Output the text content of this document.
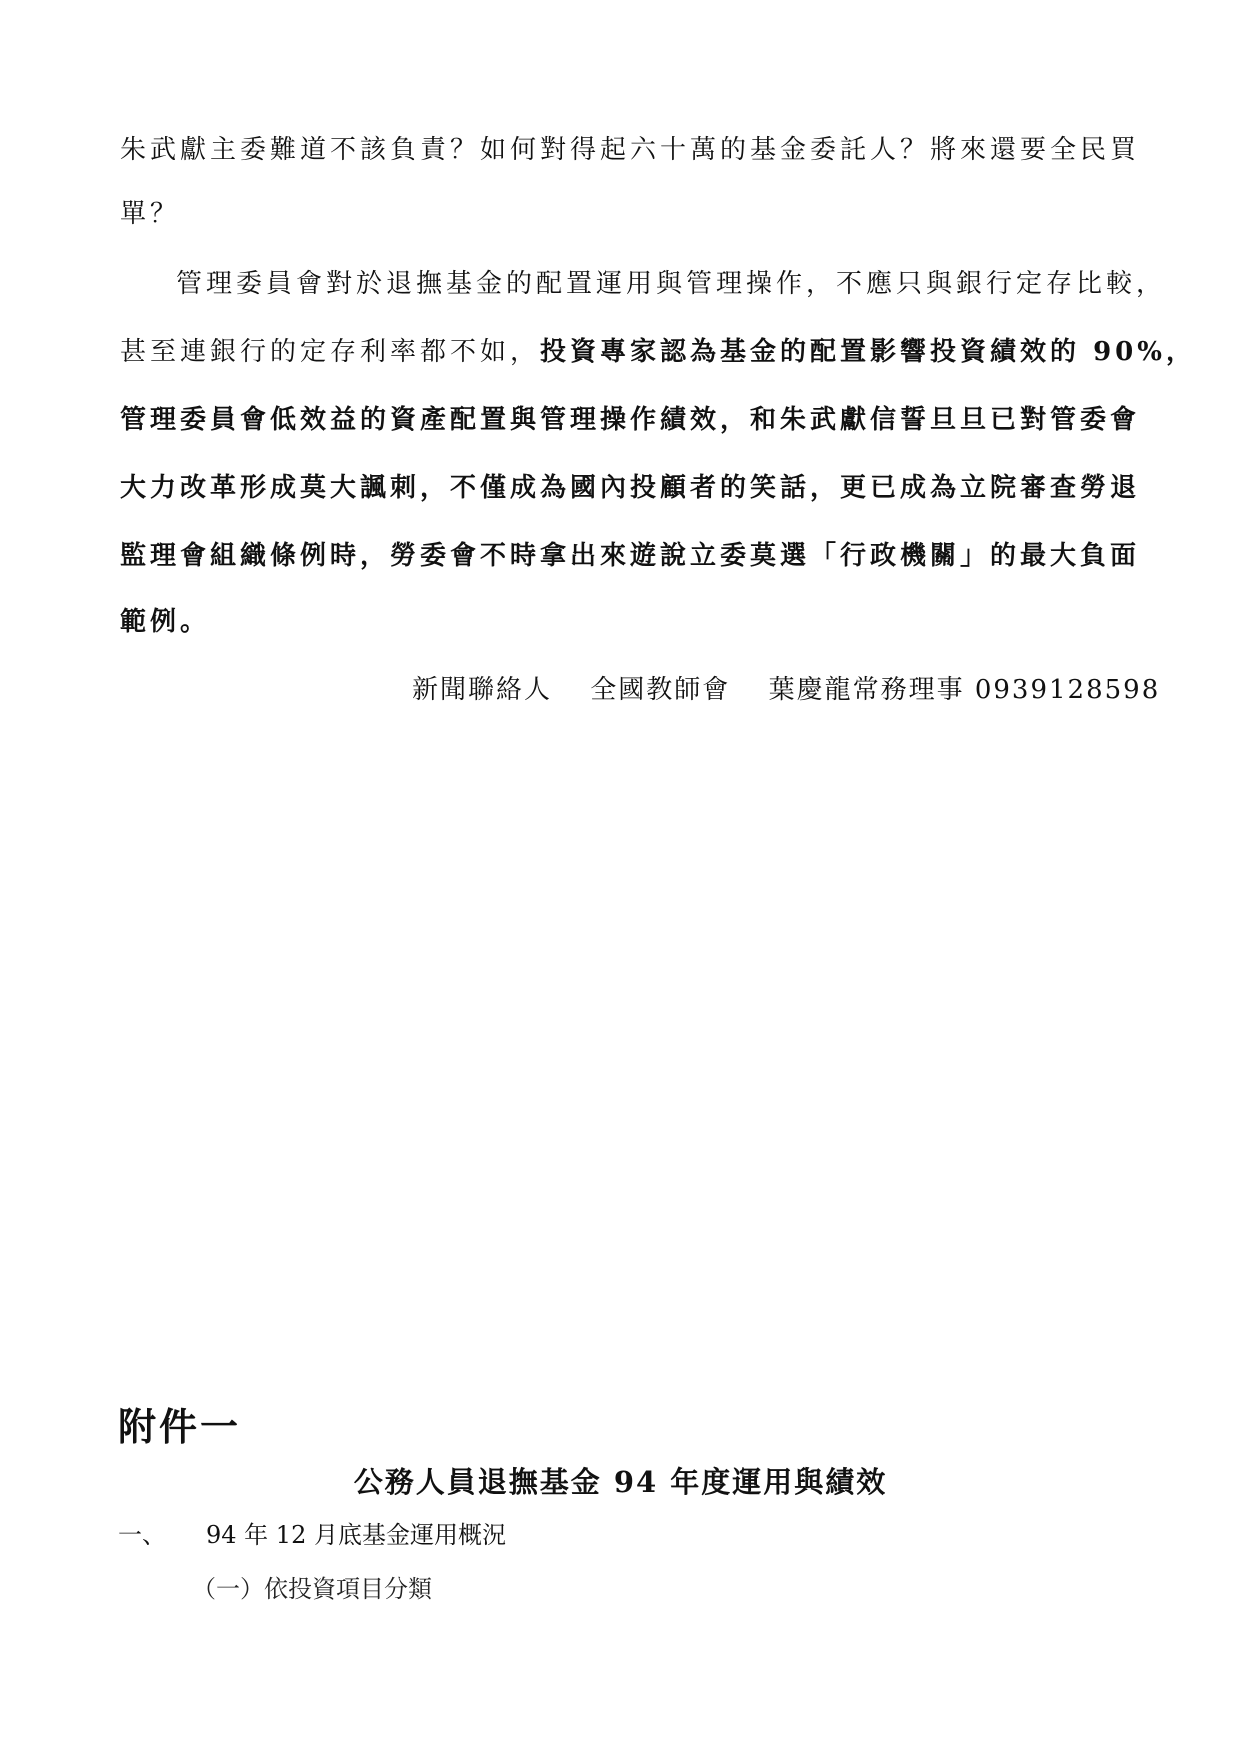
朱武獻主委難道不該負責？如何對得起六十萬的基金委託人？將來還要全民買
單？
管理委員會對於退撫基金的配置運用與管理操作，不應只與銀行定存比較，
甚至連銀行的定存利率都不如，投資專家認為基金的配置影響投資績效的 90%，
管理委員會低效益的資產配置與管理操作績效，和朱武獻信誓旦旦已對管委會
大力改革形成莫大諷刺，不僅成為國內投顧者的笑話，更已成為立院審查勞退
監理會組織條例時，勞委會不時拿出來遊說立委莫選「行政機關」的最大負面
範例。
新聞聯絡人 全國教師會 葉慶龍常務理事 0939128598
附件一
公務人員退撫基金 94 年度運用與績效
一、 94 年 12 月底基金運用概況
（一）依投資項目分類
